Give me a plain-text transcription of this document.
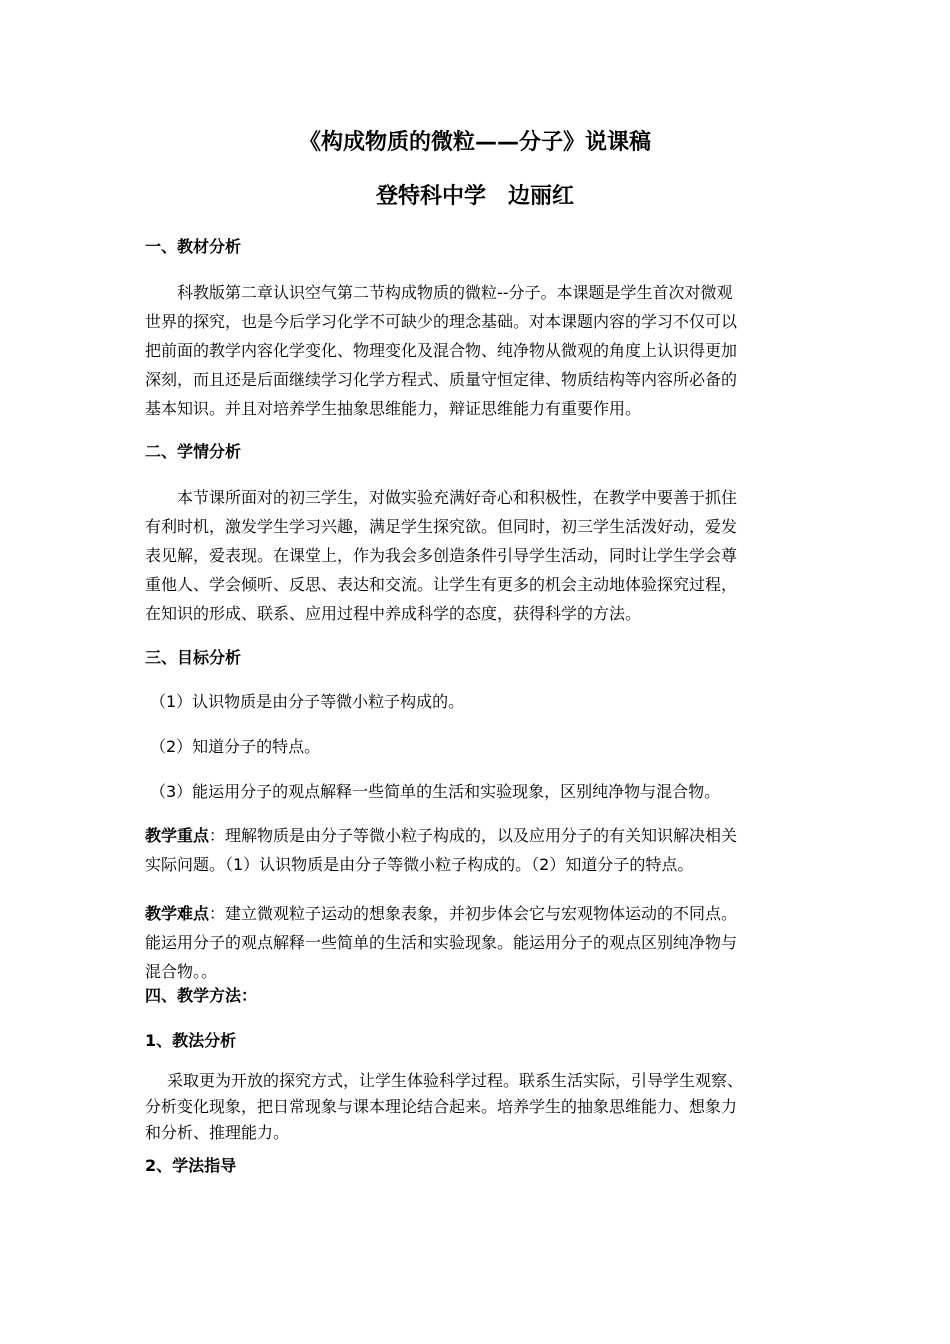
《构成物质的微粒——分子》说课稿
登特科中学　边丽红
一、教材分析
科教版第二章认识空气第二节构成物质的微粒--分子。本课题是学生首次对微观
世界的探究，也是今后学习化学不可缺少的理念基础。对本课题内容的学习不仅可以
把前面的教学内容化学变化、物理变化及混合物、纯净物从微观的角度上认识得更加
深刻，而且还是后面继续学习化学方程式、质量守恒定律、物质结构等内容所必备的
基本知识。并且对培养学生抽象思维能力，辩证思维能力有重要作用。
二、学情分析
本节课所面对的初三学生，对做实验充满好奇心和积极性，在教学中要善于抓住
有利时机，激发学生学习兴趣，满足学生探究欲。但同时，初三学生活泼好动，爱发
表见解，爱表现。在课堂上，作为我会多创造条件引导学生活动，同时让学生学会尊
重他人、学会倾听、反思、表达和交流。让学生有更多的机会主动地体验探究过程，
在知识的形成、联系、应用过程中养成科学的态度，获得科学的方法。
三、目标分析
（1）认识物质是由分子等微小粒子构成的。
（2）知道分子的特点。
（3）能运用分子的观点解释一些简单的生活和实验现象，区别纯净物与混合物。
教学重点：理解物质是由分子等微小粒子构成的，以及应用分子的有关知识解决相关
实际问题。（1）认识物质是由分子等微小粒子构成的。（2）知道分子的特点。
教学难点：建立微观粒子运动的想象表象，并初步体会它与宏观物体运动的不同点。
能运用分子的观点解释一些简单的生活和实验现象。能运用分子的观点区别纯净物与
混合物。。
四、教学方法：
1、教法分析
采取更为开放的探究方式，让学生体验科学过程。联系生活实际，引导学生观察、
分析变化现象，把日常现象与课本理论结合起来。培养学生的抽象思维能力、想象力
和分析、推理能力。
2、学法指导
